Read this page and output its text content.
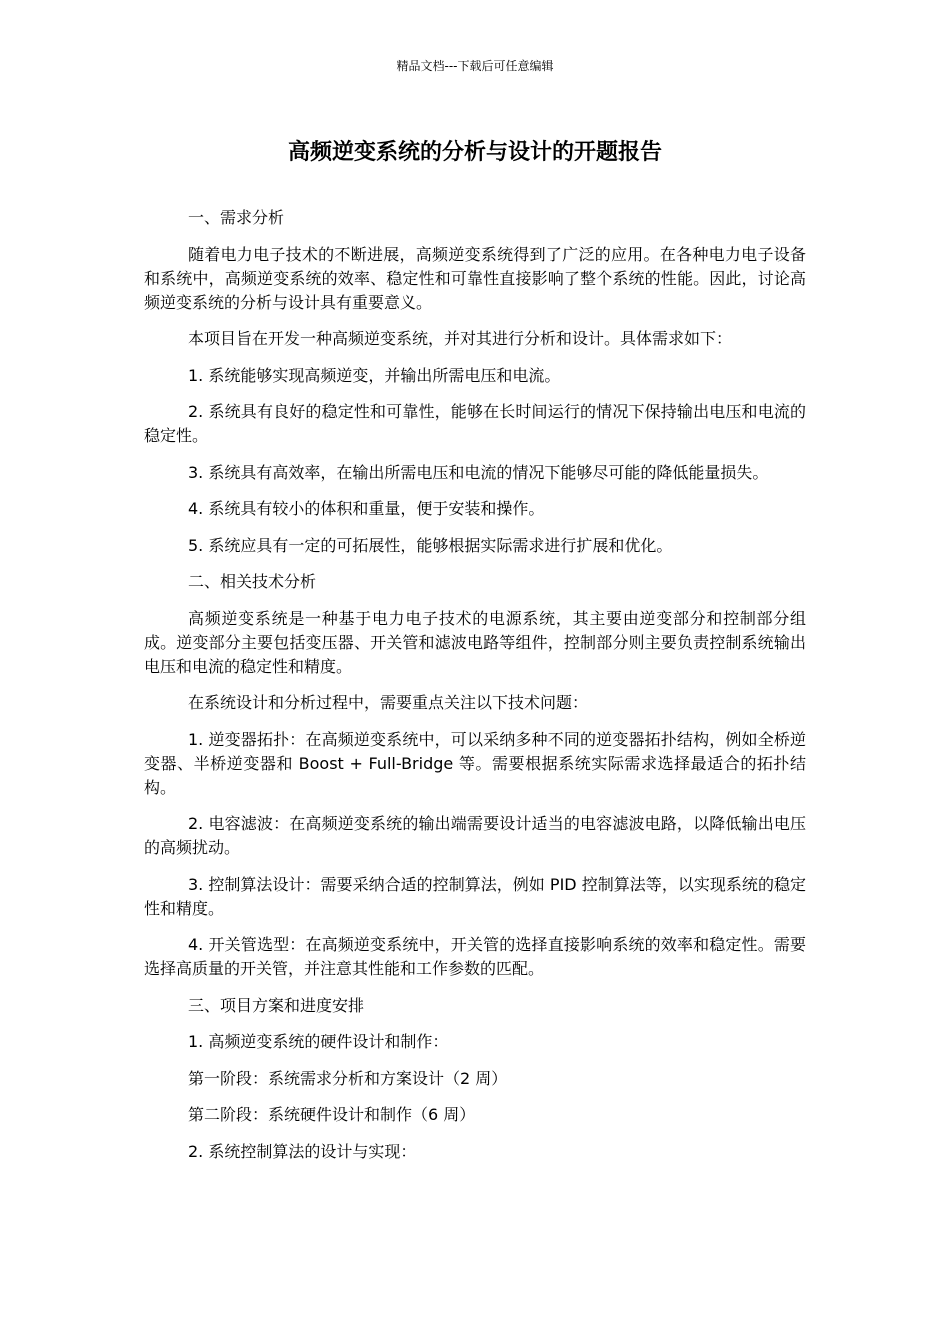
精品文档---下载后可任意编辑
高频逆变系统的分析与设计的开题报告

一、需求分析

随着电力电子技术的不断进展，高频逆变系统得到了广泛的应用。在各种电力电子设备和系统中，高频逆变系统的效率、稳定性和可靠性直接影响了整个系统的性能。因此，讨论高频逆变系统的分析与设计具有重要意义。

本项目旨在开发一种高频逆变系统，并对其进行分析和设计。具体需求如下：

1. 系统能够实现高频逆变，并输出所需电压和电流。

2. 系统具有良好的稳定性和可靠性，能够在长时间运行的情况下保持输出电压和电流的稳定性。

3. 系统具有高效率，在输出所需电压和电流的情况下能够尽可能的降低能量损失。

4. 系统具有较小的体积和重量，便于安装和操作。

5. 系统应具有一定的可拓展性，能够根据实际需求进行扩展和优化。

二、相关技术分析

高频逆变系统是一种基于电力电子技术的电源系统，其主要由逆变部分和控制部分组成。逆变部分主要包括变压器、开关管和滤波电路等组件，控制部分则主要负责控制系统输出电压和电流的稳定性和精度。

在系统设计和分析过程中，需要重点关注以下技术问题：

1. 逆变器拓扑：在高频逆变系统中，可以采纳多种不同的逆变器拓扑结构，例如全桥逆变器、半桥逆变器和 Boost + Full-Bridge 等。需要根据系统实际需求选择最适合的拓扑结构。

2. 电容滤波：在高频逆变系统的输出端需要设计适当的电容滤波电路，以降低输出电压的高频扰动。

3. 控制算法设计：需要采纳合适的控制算法，例如 PID 控制算法等，以实现系统的稳定性和精度。

4. 开关管选型：在高频逆变系统中，开关管的选择直接影响系统的效率和稳定性。需要选择高质量的开关管，并注意其性能和工作参数的匹配。

三、项目方案和进度安排

1. 高频逆变系统的硬件设计和制作：

第一阶段：系统需求分析和方案设计（2 周）

第二阶段：系统硬件设计和制作（6 周）

2. 系统控制算法的设计与实现：
